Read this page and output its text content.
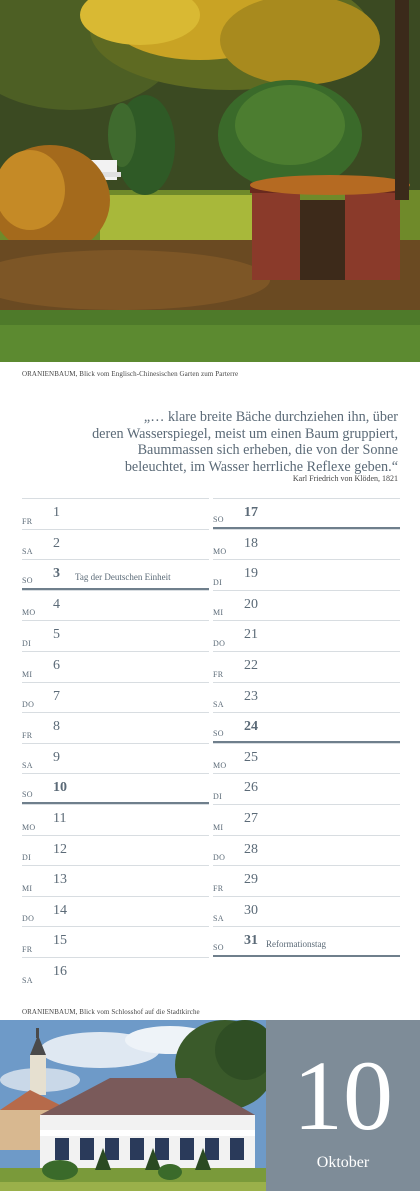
ORANIENBAUM, Blick vom Englisch-Chinesischen Garten zum Parterre
„… klare breite Bäche durchziehen ihn, über
deren Wasserspiegel, meist um einen Baum gruppiert,
Baummassen sich erheben, die von der Sonne
beleuchtet, im Wasser herrliche Reflexe geben.“
Karl Friedrich von Klöden, 1821
FR
1
SA
2
SO 3 Tag der Deutschen Einheit
MO
4
DI
5
MI
6
DO
7
FR
8
SA
9
SO 10
MO
11
DI
12
MI
13
DO
14
FR
15
SA
16
SO 17
MO
18
DI
19
MI
20
DO
21
FR
22
SA
23
SO 24
MO
25
DI
26
MI
27
DO
28
FR
29
SA
30
SO 31 Reformationstag
ORANIENBAUM, Blick vom Schlosshof auf die Stadtkirche
10
Oktober
